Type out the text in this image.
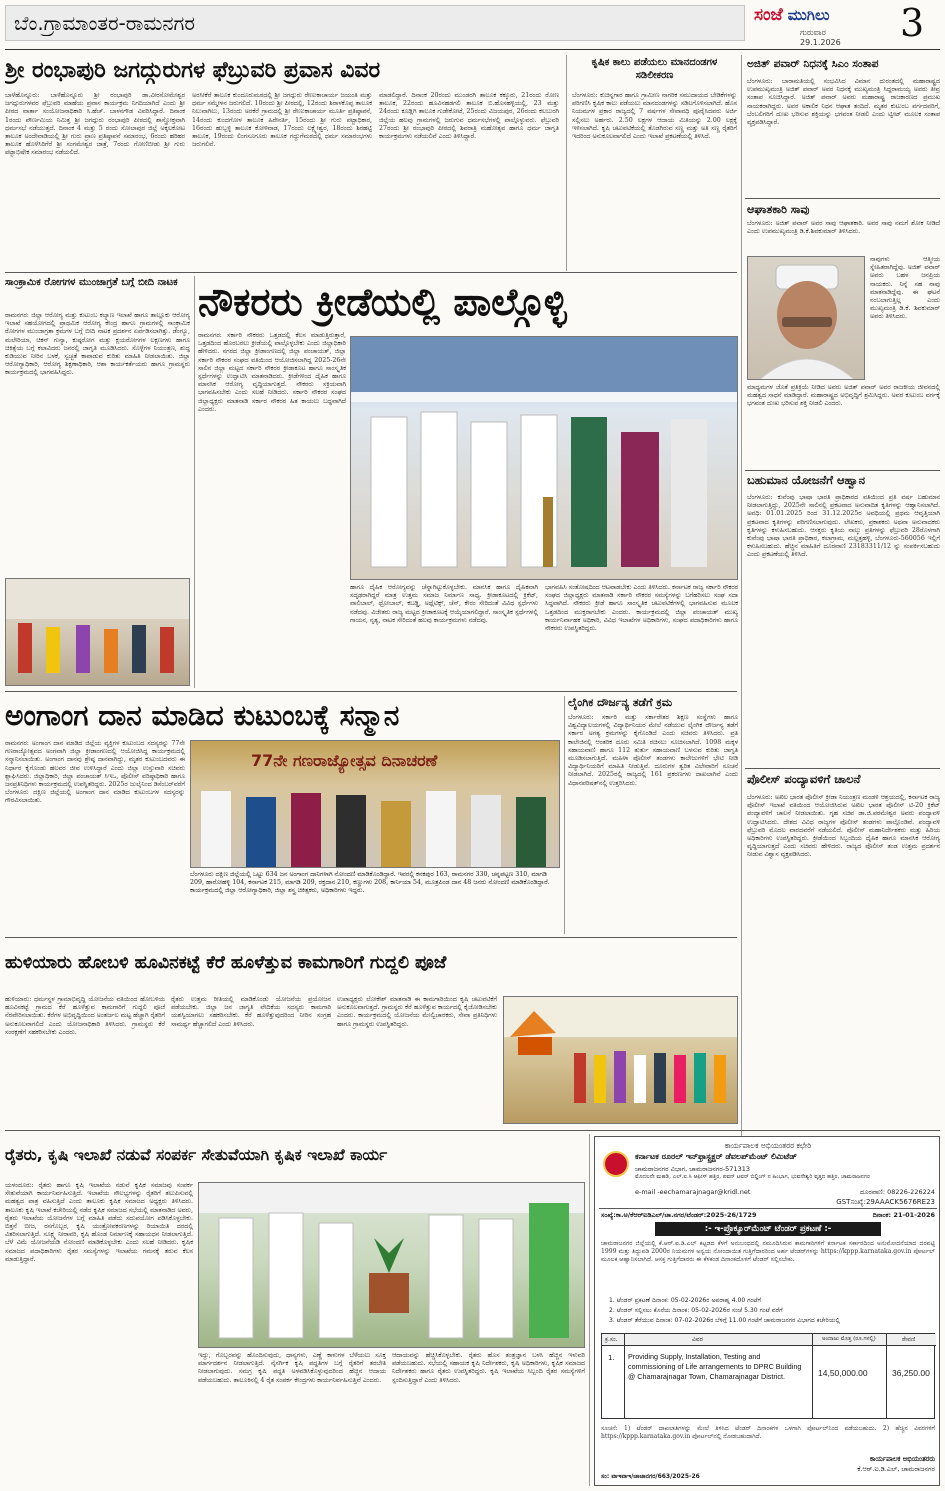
ಬೆಂ.ಗ್ರಾಮಾಂತರ-ರಾಮನಗರ	ಸಂಜೆ ಮುಗಿಲು
ಗುರುವಾರ
29.1.2026 3
ಶ್ರೀ ರಂಭಾಪುರಿ ಜಗದ್ಗುರುಗಳ ಫೆಬ್ರುವರಿ ಪ್ರವಾಸ ವಿವರ
ಬಾಳೆಹೊನ್ನೂರು: ಬಾಳೆಹೊನ್ನೂರು ಶ್ರೀ ರಂಭಾಪುರಿ ಡಾ.ವೀರಸೋಮೇಶ್ವರ ಜಗದ್ಗುರುಗಳವರ ಫೆಬ್ರುವರಿ ಮಾಹೆಯ ಪ್ರವಾಸ ಕಾರ್ಯಕ್ರಮ ನಿಗದಿಯಾಗಿದೆ ಎಂದು ಶ್ರೀ ಪೀಠದ ವಾರ್ತಾ ಸಂಯೋಜನಾಧಿಕಾರಿ ಸಿ.ಹೆಚ್. ಬಾಳನಗೌಡ ವಿವರಿಸಿದ್ದಾರೆ. ದಿನಾಂಕ 1ರಂದು ಪೌರ್ಣಮಿಯ ನಿಮಿತ್ತ ಶ್ರೀ ಜಗದ್ಗುರು ರಂಭಾಪುರಿ ಪೀಠದಲ್ಲಿ ಶಾಸ್ತ್ರೋಕ್ತವಾಗಿ ಧರ್ಮಸಭೆ ನಡೆಯುತ್ತದೆ. ದಿನಾಂಕ 4 ಮತ್ತು 5 ರಂದು ಸೋಲಾಪುರ ಜಿಲ್ಲೆ ಅಕ್ಕಲಕೋಟ ತಾಲೂಕ ಅಂದೇವಾಡಿಯಲ್ಲಿ ಶ್ರೀ ಗುರು ಪ್ರಾಣ ಪ್ರತಿಷ್ಠಾಪನೆ ಸಮಾರಂಭ, 6ರಂದು ಹರಿಹರ ತಾಲೂಕ ಹೊಳೆಸಿರಿಗೆರೆ ಶ್ರೀ ಸಂಗಮೇಶ್ವರ ಜಾತ್ರೆ, 7ರಂದು ಗೋಣಿಬೀಡು ಶ್ರೀ ಗುರು ಪಟ್ಟಾಭಿಷೇಕ ಸಮಾರಂಭ ನಡೆಯಲಿದೆ.
ಅರಸೀಕೆರೆ ತಾಲೂಕ ಕುಂದೂರುಮಠದಲ್ಲಿ ಶ್ರೀ ಜಗದ್ಗುರು ರೇಣುಕಾಚಾರ್ಯ ಜಯಂತಿ ಮತ್ತು ಧರ್ಮ ಸಮ್ಮೇಳನ ಜರುಗಲಿದೆ. 10ರಂದು ಶ್ರೀ ಪೀಠದಲ್ಲಿ, 12ರಂದು ಶಿರಾಳಕೊಪ್ಪ ತಾಲೂಕ ನಿಲುವಾಗಿಲು, 13ರಂದು ಅರಕೆರೆ ಗ್ರಾಮದಲ್ಲಿ ಶ್ರೀ ರೇಣುಕಾಚಾರ್ಯ ಮೂರ್ತಿ ಪ್ರತಿಷ್ಠಾಪನೆ, 14ರಂದು ಕುಂದಗೋಳ ತಾಲೂಕ ಹಿರೇನರ್ತಿ, 15ರಂದು ಶ್ರೀ ಗುರು ಪಟ್ಟಾಧಿಕಾರ, 16ರಂದು ಹುಬ್ಬಳ್ಳಿ ತಾಲೂಕ ಕೋಳಿವಾಡ, 17ರಂದು ಲಕ್ಷ್ಮೇಶ್ವರ, 18ರಂದು ಶಿರಹಟ್ಟಿ ತಾಲೂಕ, 19ರಂದು ಲಿಂಗಸೂಗೂರು ತಾಲೂಕ ಗದ್ದುಗೆಮಠದಲ್ಲಿ ಧರ್ಮ ಸಮಾರಂಭಗಳು ಜರುಗಲಿವೆ.
ಮಾಡಲಿದ್ದಾರೆ. ದಿನಾಂಕ 20ರಂದು ಮುಂಡರಗಿ ತಾಲೂಕ ಕಕ್ಕೂರು, 21ರಂದು ರೋಣ ತಾಲೂಕ, 22ರಂದು ಹೂವಿನಹಡಗಲಿ ತಾಲೂಕ ಬಿ.ಹೊಸಹಳ್ಳಿಯಲ್ಲಿ, 23 ಮತ್ತು 24ರಂದು ಕೂಡ್ಲಿಗಿ ತಾಲೂಕ ಗುಡೇಕೋಟೆ, 25ರಂದು ವಿಜಯಪುರ, 26ರಂದು ಕಲಬುರಗಿ ಜಿಲ್ಲೆಯ ಹಲವು ಗ್ರಾಮಗಳಲ್ಲಿ ಜರುಗುವ ಧರ್ಮಸಭೆಗಳಲ್ಲಿ ಪಾಲ್ಗೊಳ್ಳುವರು. ಫೆಬ್ರುವರಿ 27ರಂದು ಶ್ರೀ ರಂಭಾಪುರಿ ಪೀಠದಲ್ಲಿ ಶಿವರಾತ್ರಿ ಮಹೋತ್ಸವ ಹಾಗೂ ಧರ್ಮ ಜಾಗೃತಿ ಕಾರ್ಯಕ್ರಮಗಳು ನಡೆಯಲಿವೆ ಎಂದು ತಿಳಿಸಿದ್ದಾರೆ.
ಕೃಷಿಕ ಕಾಲು ಪಡೆಯಲು ಮಾನದಂಡಗಳ ಸಡಿಲೀಕರಣ
ಬೆಂಗಳೂರು: ಕುಚಿನ್ನಗಾರ ಹಾಗೂ ಗ್ರಾಮೀಣ ನಾಗರಿಕ ಸಮುದಾಯದ ಬೇಡಿಕೆಗಳನ್ನು ಪರಿಗಣಿಸಿ ಕೃಷಿಕ ಕಾಲು ಪಡೆಯಲು ಮಾನದಂಡಗಳನ್ನು ಸಡಿಲಗೊಳಿಸಲಾಗಿದೆ. ಹೊಸ ನಿಯಮಗಳ ಪ್ರಕಾರ ರಾಜ್ಯದಲ್ಲಿ 7 ವರ್ಷಗಳ ಸೇವಾವಧಿ ಪೂರೈಸಿದವರು ಅರ್ಜಿ ಸಲ್ಲಿಸಲು ಅರ್ಹರು. 2.50 ಲಕ್ಷಗಳ ಆದಾಯ ಮಿತಿಯನ್ನು 2.00 ಲಕ್ಷಕ್ಕೆ ಇಳಿಸಲಾಗಿದೆ. ಕೃಷಿ ಚಟುವಟಿಕೆಯಲ್ಲಿ ತೊಡಗಿರುವ ಸಣ್ಣ ಮತ್ತು ಅತಿ ಸಣ್ಣ ರೈತರಿಗೆ ಇದರಿಂದ ಅನುಕೂಲವಾಗಲಿದೆ ಎಂದು ಇಲಾಖೆ ಪ್ರಕಟಣೆಯಲ್ಲಿ ತಿಳಿಸಿದೆ.
ಅಜಿತ್ ಪವಾರ್ ನಿಧನಕ್ಕೆ ಸಿಎಂ ಸಂತಾಪ
ಬೆಂಗಳೂರು: ಬಾರಾಮತಿಯಲ್ಲಿ ಸಂಭವಿಸಿದ ವಿಮಾನ ದುರಂತದಲ್ಲಿ ಮಹಾರಾಷ್ಟ್ರದ ಉಪಮುಖ್ಯಮಂತ್ರಿ ಅಜಿತ್ ಪವಾರ್ ಅವರ ನಿಧನಕ್ಕೆ ಮುಖ್ಯಮಂತ್ರಿ ಸಿದ್ದರಾಮಯ್ಯ ಅವರು ತೀವ್ರ ಸಂತಾಪ ಸೂಚಿಸಿದ್ದಾರೆ. ಅಜಿತ್ ಪವಾರ್ ಅವರು ಮಹಾರಾಷ್ಟ್ರ ರಾಜಕಾರಣದ ಪ್ರಮುಖ ನಾಯಕರಾಗಿದ್ದರು. ಅವರ ಅಕಾಲಿಕ ನಿಧನ ಆಘಾತ ತಂದಿದೆ. ಮೃತರ ಕುಟುಂಬ ವರ್ಗದವರಿಗೆ, ಬೆಂಬಲಿಗರಿಗೆ ದುಃಖ ಭರಿಸುವ ಶಕ್ತಿಯನ್ನು ಭಗವಂತ ನೀಡಲಿ ಎಂದು ಟ್ವೀಟ್ ಮೂಲಕ ಸಂತಾಪ ವ್ಯಕ್ತಪಡಿಸಿದ್ದಾರೆ.
ಆಘಾತಕಾರಿ ಸಾವು
ಬೆಂಗಳೂರು: ಅಜಿತ್ ಪವಾರ್ ಅವರ ಸಾವು ಆಘಾತಕಾರಿ. ಅವರ ಸಾವು ನಮಗೆ ಶೋಕ ನೀಡಿದೆ ಎಂದು ಉಪಮುಖ್ಯಮಂತ್ರಿ ಡಿ.ಕೆ.ಶಿವಕುಮಾರ್ ತಿಳಿಸಿದರು.
ನಾವುಗಳು ಆತ್ಮೀಯ ಸ್ನೇಹಿತರಾಗಿದ್ದೆವು. ಅಜಿತ್ ಪವಾರ್ ಅವರು ಬಹಳ ಜನಪ್ರಿಯ ನಾಯಕರು. ನಿನ್ನೆ ಸಹ ನಾವು ಮಾತನಾಡಿದ್ದೆವು. ಈ ಘಟನೆ ನಂಬಲಾಗುತ್ತಿಲ್ಲ ಎಂದು ಮುಖ್ಯಮಂತ್ರಿ ಡಿ.ಕೆ. ಶಿವಕುಮಾರ್ ಅವರು ತಿಳಿಸಿದರು.
ಮಾಧ್ಯಮಗಳ ಜೊತೆ ಪ್ರತಿಕ್ರಿಯೆ ನೀಡಿದ ಅವರು ಅಜಿತ್ ಪವಾರ್ ಅವರ ರಾಜಕೀಯ ಜೀವನದಲ್ಲಿ ಮಹತ್ವದ ಸಾಧನೆ ಮಾಡಿದ್ದಾರೆ. ಮಹಾರಾಷ್ಟ್ರದ ಅಭಿವೃದ್ಧಿಗೆ ಶ್ರಮಿಸಿದ್ದರು. ಅವರ ಕುಟುಂಬ ವರ್ಗಕ್ಕೆ ಭಗವಂತ ದುಃಖ ಭರಿಸುವ ಶಕ್ತಿ ನೀಡಲಿ ಎಂದರು.
ಬಹುಮಾನ ಯೋಜನೆಗೆ ಆಹ್ವಾನ
ಬೆಂಗಳೂರು: ಕುವೆಂಪು ಭಾಷಾ ಭಾರತಿ ಪ್ರಾಧಿಕಾರದ ವತಿಯಿಂದ ಪ್ರತಿ ವರ್ಷ ಬಹುಮಾನ ನೀಡಲಾಗುತ್ತಿದ್ದು, 2025ನೇ ಸಾಲಿನಲ್ಲಿ ಪ್ರಕಟವಾದ ಅನುವಾದಿತ ಕೃತಿಗಳನ್ನು ಆಹ್ವಾನಿಸಲಾಗಿದೆ. ಅವಧಿ: 01.01.2025 ರಿಂದ 31.12.2025ರ ಅವಧಿಯಲ್ಲಿ ಪ್ರಥಮ ಆವೃತ್ತಿಯಾಗಿ ಪ್ರಕಟವಾದ ಕೃತಿಗಳನ್ನು ಪರಿಗಣಿಸಲಾಗುವುದು. ಲೇಖಕರು, ಪ್ರಕಾಶಕರು ಅಥವಾ ಅನುವಾದಕರು ಕೃತಿಗಳನ್ನು ಕಳುಹಿಸಬಹುದು. ಆಸಕ್ತರು ಕೃತಿಯ ನಾಲ್ಕು ಪ್ರತಿಗಳನ್ನು ಫೆಬ್ರುವರಿ 28ರೊಳಗಾಗಿ ಕುವೆಂಪು ಭಾಷಾ ಭಾರತಿ ಪ್ರಾಧಿಕಾರ, ಕಲಾಗ್ರಾಮ, ಮಲ್ಲತ್ತಹಳ್ಳಿ, ಬೆಂಗಳೂರು-560056 ಇಲ್ಲಿಗೆ ಕಳುಹಿಸಬಹುದು. ಹೆಚ್ಚಿನ ಮಾಹಿತಿಗೆ ದೂರವಾಣಿ 23183311/12 ನ್ನು ಸಂಪರ್ಕಿಸಬಹುದು ಎಂದು ಪ್ರಕಟಣೆಯಲ್ಲಿ ತಿಳಿಸಿದೆ.
ಪೊಲೀಸ್ ಪಂದ್ಯಾವಳಿಗೆ ಚಾಲನೆ
ಬೆಂಗಳೂರು: ಅಖಿಲ ಭಾರತ ಪೊಲೀಸ್ ಕ್ರೀಡಾ ನಿಯಂತ್ರಣ ಮಂಡಳಿ ಆಶ್ರಯದಲ್ಲಿ, ಕರ್ನಾಟಕ ರಾಜ್ಯ ಪೊಲೀಸ್ ಇಲಾಖೆ ವತಿಯಿಂದ ಆಯೋಜಿಸಿರುವ ಅಖಿಲ ಭಾರತ ಪೊಲೀಸ್ ಟಿ-20 ಕ್ರಿಕೆಟ್ ಪಂದ್ಯಾವಳಿಗೆ ಚಾಲನೆ ನೀಡಲಾಯಿತು. ಗೃಹ ಸಚಿವ ಡಾ.ಜಿ.ಪರಮೇಶ್ವರ ಅವರು ಪಂದ್ಯಾವಳಿ ಉದ್ಘಾಟಿಸಿದರು. ದೇಶದ ವಿವಿಧ ರಾಜ್ಯಗಳ ಪೊಲೀಸ್ ತಂಡಗಳು ಪಾಲ್ಗೊಂಡಿವೆ. ಪಂದ್ಯಾವಳಿ ಫೆಬ್ರುವರಿ ಮೊದಲ ವಾರದವರೆಗೆ ನಡೆಯಲಿದೆ. ಪೊಲೀಸ್ ಮಹಾನಿರ್ದೇಶಕರು ಮತ್ತು ಹಿರಿಯ ಅಧಿಕಾರಿಗಳು ಉಪಸ್ಥಿತರಿದ್ದರು. ಕ್ರೀಡೆಯಿಂದ ಸಿಬ್ಬಂದಿಯ ದೈಹಿಕ ಹಾಗೂ ಮಾನಸಿಕ ಆರೋಗ್ಯ ವೃದ್ಧಿಯಾಗುತ್ತದೆ ಎಂದು ಸಚಿವರು ಹೇಳಿದರು. ರಾಜ್ಯದ ಪೊಲೀಸ್ ತಂಡ ಉತ್ತಮ ಪ್ರದರ್ಶನ ನೀಡುವ ವಿಶ್ವಾಸ ವ್ಯಕ್ತಪಡಿಸಿದರು.
ಸಾಂಕ್ರಾಮಿಕ ರೋಗಗಳ ಮುಂಜಾಗ್ರತೆ ಬಗ್ಗೆ ಬೀದಿ ನಾಟಕ
ರಾಮನಗರ: ಜಿಲ್ಲಾ ಆರೋಗ್ಯ ಮತ್ತು ಕುಟುಂಬ ಕಲ್ಯಾಣ ಇಲಾಖೆ ಹಾಗೂ ತಾಲ್ಲೂಕು ಆರೋಗ್ಯ ಇಲಾಖೆ ಸಹಯೋಗದಲ್ಲಿ ಪ್ರಾಥಮಿಕ ಆರೋಗ್ಯ ಕೇಂದ್ರ ಹಾಗೂ ಗ್ರಾಮಗಳಲ್ಲಿ ಸಾಂಕ್ರಾಮಿಕ ರೋಗಗಳ ಮುಂಜಾಗ್ರತಾ ಕ್ರಮಗಳ ಬಗ್ಗೆ ಬೀದಿ ನಾಟಕ ಪ್ರದರ್ಶನ ಏರ್ಪಡಿಸಲಾಗಿತ್ತು. ಡೆಂಗ್ಯೂ, ಮಲೇರಿಯಾ, ಚಿಕನ್ ಗುನ್ಯಾ, ಕುಷ್ಠರೋಗ ಮತ್ತು ಕ್ಷಯರೋಗಗಳ ಲಕ್ಷಣಗಳು ಹಾಗೂ ಚಿಕಿತ್ಸೆಯ ಬಗ್ಗೆ ಕಲಾವಿದರು ಜನರಲ್ಲಿ ಜಾಗೃತಿ ಮೂಡಿಸಿದರು. ಸೊಳ್ಳೆಗಳ ನಿಯಂತ್ರಣ, ಶುದ್ಧ ಕುಡಿಯುವ ನೀರಿನ ಬಳಕೆ, ಸ್ವಚ್ಛತೆ ಕಾಪಾಡುವ ಕುರಿತು ಮಾಹಿತಿ ನೀಡಲಾಯಿತು. ಜಿಲ್ಲಾ ಆರೋಗ್ಯಾಧಿಕಾರಿ, ಆರೋಗ್ಯ ಶಿಕ್ಷಣಾಧಿಕಾರಿ, ಆಶಾ ಕಾರ್ಯಕರ್ತೆಯರು ಹಾಗೂ ಗ್ರಾಮಸ್ಥರು ಕಾರ್ಯಕ್ರಮದಲ್ಲಿ ಭಾಗವಹಿಸಿದ್ದರು.
ನೌಕರರು ಕ್ರೀಡೆಯಲ್ಲಿ ಪಾಲ್ಗೊಳ್ಳಿ
ರಾಮನಗರ: ಸರ್ಕಾರಿ ನೌಕರರು ಒತ್ತಡದಲ್ಲಿ ಕೆಲಸ ಮಾಡುತ್ತಿರುತ್ತಾರೆ, ಒತ್ತಡದಿಂದ ಹೊರಬರಲು ಕ್ರೀಡೆಯಲ್ಲಿ ಪಾಲ್ಗೊಳ್ಳಬೇಕು ಎಂದು ಜಿಲ್ಲಾಧಿಕಾರಿ ಹೇಳಿದರು. ನಗರದ ಜಿಲ್ಲಾ ಕ್ರೀಡಾಂಗಣದಲ್ಲಿ ಜಿಲ್ಲಾ ಪಂಚಾಯತ್, ಜಿಲ್ಲಾ ಸರ್ಕಾರಿ ನೌಕರರ ಸಂಘದ ವತಿಯಿಂದ ಆಯೋಜಿಸಲಾಗಿದ್ದ 2025-26ನೇ ಸಾಲಿನ ಜಿಲ್ಲಾ ಮಟ್ಟದ ಸರ್ಕಾರಿ ನೌಕರರ ಕ್ರೀಡಾಕೂಟ ಹಾಗೂ ಸಾಂಸ್ಕೃತಿಕ ಸ್ಪರ್ಧೆಗಳನ್ನು ಉದ್ಘಾಟಿಸಿ ಮಾತನಾಡಿದರು. ಕ್ರೀಡೆಗಳಿಂದ ದೈಹಿಕ ಹಾಗೂ ಮಾನಸಿಕ ಆರೋಗ್ಯ ವೃದ್ಧಿಯಾಗುತ್ತದೆ. ನೌಕರರು ಸಕ್ರಿಯವಾಗಿ ಭಾಗವಹಿಸಬೇಕು ಎಂದು ಸಲಹೆ ನೀಡಿದರು. ಸರ್ಕಾರಿ ನೌಕರರ ಸಂಘದ ಜಿಲ್ಲಾಧ್ಯಕ್ಷರು ಮಾತನಾಡಿ ಸರ್ಕಾರ ನೌಕರರ ಹಿತ ಕಾಯಲು ಬದ್ಧವಾಗಿದೆ ಎಂದರು.
ಹಾಗೂ ದೈಹಿಕ ಆರೋಗ್ಯವನ್ನು ಚೆನ್ನಾಗಿಟ್ಟುಕೊಳ್ಳಬೇಕು. ಮಾನಸಿಕ ಹಾಗೂ ದೈಹಿಕವಾಗಿ ಸದೃಢರಾಗಿದ್ದರೆ ಮಾತ್ರ ಉತ್ತಮ ಸಮಾಜ ನಿರ್ಮಾಣ ಸಾಧ್ಯ. ಕ್ರೀಡಾಕೂಟದಲ್ಲಿ ಕ್ರಿಕೆಟ್, ವಾಲಿಬಾಲ್, ಥ್ರೋಬಾಲ್, ಕಬಡ್ಡಿ, ಅಥ್ಲೆಟಿಕ್ಸ್, ಚೆಸ್, ಕೇರಂ ಸೇರಿದಂತೆ ವಿವಿಧ ಸ್ಪರ್ಧೆಗಳು ನಡೆದವು. ವಿಜೇತರು ರಾಜ್ಯ ಮಟ್ಟದ ಕ್ರೀಡಾಕೂಟಕ್ಕೆ ಆಯ್ಕೆಯಾಗಲಿದ್ದಾರೆ. ಸಾಂಸ್ಕೃತಿಕ ಸ್ಪರ್ಧೆಗಳಲ್ಲಿ ಗಾಯನ, ನೃತ್ಯ, ನಾಟಕ ಸೇರಿದಂತೆ ಹಲವು ಕಾರ್ಯಕ್ರಮಗಳು ನಡೆದವು.
ಭಾಗವಹಿಸಿ ಸಂತೋಷದಿಂದ ಆಟವಾಡಬೇಕು ಎಂದು ತಿಳಿಸಿದರು. ಕರ್ನಾಟಕ ರಾಜ್ಯ ಸರ್ಕಾರಿ ನೌಕರರ ಸಂಘದ ಜಿಲ್ಲಾಧ್ಯಕ್ಷರು ಮಾತನಾಡಿ ಸರ್ಕಾರಿ ನೌಕರರ ಸಮಸ್ಯೆಗಳನ್ನು ಬಗೆಹರಿಸಲು ಸಂಘ ಸದಾ ಸಿದ್ಧವಾಗಿದೆ. ನೌಕರರು ಕ್ರೀಡೆ ಹಾಗೂ ಸಾಂಸ್ಕೃತಿಕ ಚಟುವಟಿಕೆಗಳಲ್ಲಿ ಭಾಗವಹಿಸುವ ಮೂಲಕ ಒತ್ತಡದಿಂದ ಮುಕ್ತರಾಗಬೇಕು ಎಂದರು. ಕಾರ್ಯಕ್ರಮದಲ್ಲಿ ಜಿಲ್ಲಾ ಪಂಚಾಯತ್ ಮುಖ್ಯ ಕಾರ್ಯನಿರ್ವಾಹಕ ಅಧಿಕಾರಿ, ವಿವಿಧ ಇಲಾಖೆಗಳ ಅಧಿಕಾರಿಗಳು, ಸಂಘದ ಪದಾಧಿಕಾರಿಗಳು ಹಾಗೂ ನೌಕರರು ಉಪಸ್ಥಿತರಿದ್ದರು.
ಅಂಗಾಂಗ ದಾನ ಮಾಡಿದ ಕುಟುಂಬಕ್ಕೆ ಸನ್ಮಾನ
ರಾಮನಗರ: ಅಂಗಾಂಗ ದಾನ ಮಾಡಿದ ಜಿಲ್ಲೆಯ ವ್ಯಕ್ತಿಗಳ ಕುಟುಂಬದ ಸದಸ್ಯರನ್ನು 77ನೇ ಗಣರಾಜ್ಯೋತ್ಸವದ ಅಂಗವಾಗಿ ಜಿಲ್ಲಾ ಕ್ರೀಡಾಂಗಣದಲ್ಲಿ ಆಯೋಜಿಸಿದ್ದ ಕಾರ್ಯಕ್ರಮದಲ್ಲಿ ಸನ್ಮಾನಿಸಲಾಯಿತು. ಅಂಗಾಂಗ ದಾನವು ಶ್ರೇಷ್ಠ ದಾನವಾಗಿದ್ದು, ಮೃತರ ಕುಟುಂಬದವರು ಈ ನಿರ್ಧಾರ ಕೈಗೊಂಡು ಹಲವರ ಜೀವ ಉಳಿಸಿದ್ದಾರೆ ಎಂದು ಜಿಲ್ಲಾ ಉಸ್ತುವಾರಿ ಸಚಿವರು ಶ್ಲಾಘಿಸಿದರು. ಜಿಲ್ಲಾಧಿಕಾರಿ, ಜಿಲ್ಲಾ ಪಂಚಾಯತ್ ಸಿಇಒ, ಪೊಲೀಸ್ ವರಿಷ್ಠಾಧಿಕಾರಿ ಹಾಗೂ ಜನಪ್ರತಿನಿಧಿಗಳು ಕಾರ್ಯಕ್ರಮದಲ್ಲಿ ಉಪಸ್ಥಿತರಿದ್ದರು. 2025ರ ಜುಲೈನಿಂದ ಡಿಸೆಂಬರ್‌ವರೆಗೆ ಬೆಂಗಳೂರು ದಕ್ಷಿಣ ಜಿಲ್ಲೆಯಲ್ಲಿ ಅಂಗಾಂಗ ದಾನ ಮಾಡಿದ ಕುಟುಂಬಗಳ ಸದಸ್ಯರನ್ನು ಗೌರವಿಸಲಾಯಿತು.
77ನೇ ಗಣರಾಜ್ಯೋತ್ಸವ ದಿನಾಚರಣೆ
ಬೆಂಗಳೂರು ದಕ್ಷಿಣ ಜಿಲ್ಲೆಯಲ್ಲಿ ಒಟ್ಟು 634 ಜನ ಅಂಗಾಂಗ ದಾನಿಗಳಾಗಿ ನೋಂದಣಿ ಮಾಡಿಕೊಂಡಿದ್ದಾರೆ. ಇವರಲ್ಲಿ ಕನಕಪುರ 163, ರಾಮನಗರ 330, ಚನ್ನಪಟ್ಟಣ 310, ಮಾಗಡಿ 209, ಹಾರೋಹಳ್ಳಿ 104, ಕರ್ನಾಟಕ 215, ಮಾಗಡಿ 209, ರಕ್ತದಾನ 210, ಕಣ್ಣುಗಳು 208, ಕಾರ್ನಿಯಾ 54, ಮೂತ್ರಪಿಂಡ ದಾನ 48 ಜನರು ನೋಂದಣಿ ಮಾಡಿಕೊಂಡಿದ್ದಾರೆ. ಕಾರ್ಯಕ್ರಮದಲ್ಲಿ ಜಿಲ್ಲಾ ಆರೋಗ್ಯಾಧಿಕಾರಿ, ಜಿಲ್ಲಾ ಶಸ್ತ್ರ ಚಿಕಿತ್ಸಕರು, ಅಧಿಕಾರಿಗಳು ಇದ್ದರು.
ಲೈಂಗಿಕ ದೌರ್ಜನ್ಯ ತಡೆಗೆ ಕ್ರಮ
ಬೆಂಗಳೂರು: ಸರ್ಕಾರಿ ಮತ್ತು ಸರ್ಕಾರೇತರ ಶಿಕ್ಷಣ ಸಂಸ್ಥೆಗಳು ಹಾಗೂ ವಿಶ್ವವಿದ್ಯಾಲಯಗಳಲ್ಲಿ ವಿದ್ಯಾರ್ಥಿನಿಯರ ಮೇಲೆ ನಡೆಯುವ ಲೈಂಗಿಕ ದೌರ್ಜನ್ಯ ತಡೆಗೆ ಸರ್ಕಾರ ಅಗತ್ಯ ಕ್ರಮಗಳನ್ನು ಕೈಗೊಂಡಿದೆ ಎಂದು ಸಚಿವರು ತಿಳಿಸಿದರು. ಪ್ರತಿ ಕಾಲೇಜಿನಲ್ಲಿ ಆಂತರಿಕ ದೂರು ಸಮಿತಿ ರಚಿಸಲು ಸೂಚಿಸಲಾಗಿದೆ. 1098 ಮಕ್ಕಳ ಸಹಾಯವಾಣಿ ಹಾಗೂ 112 ತುರ್ತು ಸಹಾಯವಾಣಿ ಬಳಸುವ ಕುರಿತು ಜಾಗೃತಿ ಮೂಡಿಸಲಾಗುತ್ತಿದೆ. ಮಹಿಳಾ ಪೊಲೀಸ್ ತಂಡಗಳು ಕಾಲೇಜುಗಳಿಗೆ ಭೇಟಿ ನೀಡಿ ವಿದ್ಯಾರ್ಥಿನಿಯರಿಗೆ ಮಾಹಿತಿ ನೀಡುತ್ತಿವೆ. ದೂರುಗಳ ತ್ವರಿತ ವಿಲೇವಾರಿಗೆ ಸೂಚನೆ ನೀಡಲಾಗಿದೆ. 2025ರಲ್ಲಿ ರಾಜ್ಯದಲ್ಲಿ 161 ಪ್ರಕರಣಗಳು ದಾಖಲಾಗಿವೆ ಎಂದು ವಿಧಾನಪರಿಷತ್‌ನಲ್ಲಿ ಉತ್ತರಿಸಿದರು.
ಹುಳಿಯಾರು ಹೋಬಳಿ ಹೂವಿನಕಟ್ಟೆ ಕೆರೆ ಹೂಳೆತ್ತುವ ಕಾಮಗಾರಿಗೆ ಗುದ್ದಲಿ ಪೂಜೆ
ಹುಳಿಯಾರು: ಧರ್ಮಸ್ಥಳ ಗ್ರಾಮಾಭಿವೃದ್ಧಿ ಯೋಜನೆಯ ವತಿಯಿಂದ ಹೋಬಳಿಯ ಹೂವಿನಕಟ್ಟೆ ಗ್ರಾಮದ ಕೆರೆ ಹೂಳೆತ್ತುವ ಕಾಮಗಾರಿಗೆ ಗುದ್ದಲಿ ಪೂಜೆ ನೆರವೇರಿಸಲಾಯಿತು. ಕೆರೆಗಳ ಅಭಿವೃದ್ಧಿಯಿಂದ ಅಂತರ್ಜಲ ಮಟ್ಟ ಹೆಚ್ಚಾಗಿ ರೈತರಿಗೆ ಅನುಕೂಲವಾಗಲಿದೆ ಎಂದು ಯೋಜನಾಧಿಕಾರಿ ತಿಳಿಸಿದರು. ಗ್ರಾಮಸ್ಥರು ಕೆರೆ ಸಂರಕ್ಷಣೆಗೆ ಸಹಕರಿಸಬೇಕು ಎಂದರು.
ರೈತರು ಉತ್ತಮ ರೀತಿಯಲ್ಲಿ ಮಾಡಿಕೊಂಡು ಯೋಜನೆಯ ಪ್ರಯೋಜನ ಪಡೆಯಬೇಕು. ಜಿಲ್ಲಾ ಜನ ಜಾಗೃತಿ ವೇದಿಕೆಯ ಸದಸ್ಯರು ಕಾಮಗಾರಿ ಯಶಸ್ವಿಯಾಗಲು ಸಹಕರಿಸಬೇಕು. ಕೆರೆ ಹೂಳೆತ್ತುವುದರಿಂದ ನೀರಿನ ಸಂಗ್ರಹ ಸಾಮರ್ಥ್ಯ ಹೆಚ್ಚಾಗಲಿದೆ ಎಂದು ತಿಳಿಸಿದರು.
ಉಪಾಧ್ಯಕ್ಷರು ಲೋಕೇಶ್ ಮಾತನಾಡಿ ಈ ಕಾಮಗಾರಿಯಿಂದ ಕೃಷಿ ಚಟುವಟಿಕೆಗೆ ಅನುಕೂಲವಾಗುತ್ತದೆ. ಗ್ರಾಮಸ್ಥರು ಕೆರೆ ಹೂಳೆತ್ತುವ ಕಾರ್ಯದಲ್ಲಿ ಕೈಜೋಡಿಸಬೇಕು ಎಂದರು. ಕಾರ್ಯಕ್ರಮದಲ್ಲಿ ಯೋಜನೆಯ ಮೇಲ್ವಿಚಾರಕರು, ಸೇವಾ ಪ್ರತಿನಿಧಿಗಳು ಹಾಗೂ ಗ್ರಾಮಸ್ಥರು ಉಪಸ್ಥಿತರಿದ್ದರು.
ರೈತರು, ಕೃಷಿ ಇಲಾಖೆ ನಡುವೆ ಸಂಪರ್ಕ ಸೇತುವೆಯಾಗಿ ಕೃಷಿಕ ಇಲಾಖೆ ಕಾರ್ಯ
ಯಳಂದೂರು: ರೈತರು ಹಾಗೂ ಕೃಷಿ ಇಲಾಖೆಯ ನಡುವೆ ಕೃಷಿಕ ಸಮಾಜವು ಸಂಪರ್ಕ ಸೇತುವೆಯಾಗಿ ಕಾರ್ಯನಿರ್ವಹಿಸುತ್ತಿದೆ. ಇಲಾಖೆಯ ಸೌಲಭ್ಯಗಳನ್ನು ರೈತರಿಗೆ ತಲುಪಿಸುವಲ್ಲಿ ಮಹತ್ವದ ಪಾತ್ರ ವಹಿಸುತ್ತಿದೆ ಎಂದು ತಾಲೂಕು ಕೃಷಿಕ ಸಮಾಜದ ಅಧ್ಯಕ್ಷರು ತಿಳಿಸಿದರು. ತಾಲೂಕು ಕೃಷಿ ಇಲಾಖೆ ಕಚೇರಿಯಲ್ಲಿ ನಡೆದ ಕೃಷಿಕ ಸಮಾಜದ ಸಭೆಯಲ್ಲಿ ಮಾತನಾಡಿದ ಅವರು, ರೈತರು ಇಲಾಖೆಯ ಯೋಜನೆಗಳ ಬಗ್ಗೆ ಮಾಹಿತಿ ಪಡೆದು ಸದುಪಯೋಗ ಪಡಿಸಿಕೊಳ್ಳಬೇಕು. ಬಿತ್ತನೆ ಬೀಜ, ರಸಗೊಬ್ಬರ, ಕೃಷಿ ಯಂತ್ರೋಪಕರಣಗಳನ್ನು ರಿಯಾಯಿತಿ ದರದಲ್ಲಿ ವಿತರಿಸಲಾಗುತ್ತಿದೆ. ಸೂಕ್ಷ್ಮ ನೀರಾವರಿ, ಕೃಷಿ ಹೊಂಡ ನಿರ್ಮಾಣಕ್ಕೆ ಸಹಾಯಧನ ನೀಡಲಾಗುತ್ತಿದೆ. ಬೆಳೆ ವಿಮೆ ಯೋಜನೆಯಡಿ ನೋಂದಣಿ ಮಾಡಿಕೊಳ್ಳಬೇಕು ಎಂದು ಸಲಹೆ ನೀಡಿದರು. ಕೃಷಿಕ ಸಮಾಜದ ಪದಾಧಿಕಾರಿಗಳು ರೈತರ ಸಮಸ್ಯೆಗಳನ್ನು ಇಲಾಖೆಯ ಗಮನಕ್ಕೆ ತರುವ ಕೆಲಸ ಮಾಡುತ್ತಿದ್ದಾರೆ.
ಇದ್ದು, ಗೊಬ್ಬರವನ್ನು ಹೊಂದಿಸುವುದು, ಧಾನ್ಯಗಳು, ಎಣ್ಣೆ ಕಾಳುಗಳ ಬೆಳೆಯಲು ಸೂಕ್ತ ಮಾರ್ಗದರ್ಶನ ನೀಡಲಾಗುತ್ತಿದೆ. ನೈಸರ್ಗಿಕ ಕೃಷಿ ಪದ್ಧತಿಗಳ ಬಗ್ಗೆ ರೈತರಿಗೆ ತರಬೇತಿ ನೀಡಲಾಗುವುದು. ಸಮಗ್ರ ಕೃಷಿ ಪದ್ಧತಿ ಅಳವಡಿಸಿಕೊಳ್ಳುವುದರಿಂದ ಹೆಚ್ಚಿನ ಆದಾಯ ಪಡೆಯಬಹುದು. ತಾಲೂಕಿನಲ್ಲಿ 4 ರೈತ ಸಂಪರ್ಕ ಕೇಂದ್ರಗಳು ಕಾರ್ಯನಿರ್ವಹಿಸುತ್ತಿವೆ ಎಂದರು.
ಆದಾಯವನ್ನು ಹೆಚ್ಚಿಸಿಕೊಳ್ಳಬೇಕು. ರೈತರು ಹೊಸ ತಂತ್ರಜ್ಞಾನ ಬಳಸಿ ಹೆಚ್ಚಿನ ಇಳುವರಿ ಪಡೆಯಬಹುದು. ಸಭೆಯಲ್ಲಿ ಸಹಾಯಕ ಕೃಷಿ ನಿರ್ದೇಶಕರು, ಕೃಷಿ ಅಧಿಕಾರಿಗಳು, ಕೃಷಿಕ ಸಮಾಜದ ನಿರ್ದೇಶಕರು ಹಾಗೂ ರೈತರು ಉಪಸ್ಥಿತರಿದ್ದರು. ಕೃಷಿ ಇಲಾಖೆಯ ಸಿಬ್ಬಂದಿ ರೈತರ ಸಮಸ್ಯೆಗಳಿಗೆ ಸ್ಪಂದಿಸುತ್ತಿದ್ದಾರೆ ಎಂದು ತಿಳಿಸಿದರು.
ಕಾರ್ಯಪಾಲಕ ಅಭಿಯಂತರರ ಕಛೇರಿ
ಕರ್ನಾಟಕ ರೂರಲ್ ಇನ್‌ಫ್ರಾಸ್ಟ್ರಕ್ಚರ್ ಡೆವಲಪ್‌ಮೆಂಟ್ ಲಿಮಿಟೆಡ್
ಚಾಮರಾಜನಗರ ವಿಭಾಗ, ಚಾಮರಾಜನಗರ-571313
ಮೊದಲನೇ ಮಹಡಿ, ಎಲ್.ಐ.ಸಿ ಆಫೀಸ್ ಹತ್ತಿರ, ಪವನ್ ಟವರ್ ಬಿಲ್ಡಿಂಗ್ ನ ಹಿಂಭಾಗ, ಭುವನೇಶ್ವರಿ ವೃತ್ತದ ಹತ್ತಿರ, ಚಾಮರಾಜನಗರ
e-mail -eechamarajnagar@kridl.net	ದೂರವಾಣಿ: 08226-226224
GSTಸಂಖ್ಯೆ:29AAACK5676RE23
ಸಂಖ್ಯೆ:ಕಾ.ಅ/ಕೆಆರ್‌ಐಡಿಎಲ್/ಚಾ.ನಗರ/ಟೆಂಡರ್:2025-26/1729	ದಿನಾಂಕ: 21-01-2026
:- ಇ-ಪ್ರೊಕ್ಯೂರ್‌ಮೆಂಟ್ ಟೆಂಡರ್ ಪ್ರಕಟಣೆ :-
ಚಾಮರಾಜನಗರ ಜಿಲ್ಲೆಯಲ್ಲಿ ಕೆ.ಆರ್.ಐ.ಡಿ.ಎಲ್ ಕಟ್ಟಡದ ಕೆಳಗೆ ಅನುಬಂಧದಲ್ಲಿ ನಮೂದಿಸಿರುವ ಕಾಮಗಾರಿಗಳಿಗೆ ಕರ್ನಾಟಕ ಸರ್ಕಾರದಿಂದ ಅನುಮೋದನೆಯಾದ ದರಪಟ್ಟಿ 1999 ಮತ್ತು ತಿದ್ದುಪಡಿ 2000ರ ನಿಯಮಗಳ ಅನ್ವಯ ನೋಂದಾಯಿತ ಗುತ್ತಿಗೆದಾರರಿಂದ ಅರ್ಹ ಟೆಂಡರ್‌ಗಳನ್ನು https://kppp.karnataka.gov.in ಪೋರ್ಟಲ್ ಮೂಲಕ ಆಹ್ವಾನಿಸಲಾಗಿದೆ. ಆಸಕ್ತ ಗುತ್ತಿಗೆದಾರರು ಈ ಕೆಳಕಂಡ ದಿನಾಂಕದೊಳಗೆ ಟೆಂಡರ್ ಸಲ್ಲಿಸಬೇಕು.
1. ಟೆಂಡರ್ ಪ್ರಕಟಣೆ ದಿನಾಂಕ: 05-02-2026ರ ಅಪರಾಹ್ನ 4.00 ಗಂಟೆಗೆ
2. ಟೆಂಡರ್ ಸಲ್ಲಿಸಲು ಕೊನೆಯ ದಿನಾಂಕ: 05-02-2026ರ ಸಂಜೆ 5.30 ಗಂಟೆ ವರೆಗೆ
3. ಟೆಂಡರ್ ತೆರೆಯುವ ದಿನಾಂಕ: 07-02-2026ರ ಬೆಳಿಗ್ಗೆ 11.00 ಗಂಟೆಗೆ ಚಾಮರಾಜನಗರ ವಿಭಾಗದ ಕಚೇರಿಯಲ್ಲಿ
ಕ್ರ.ಸಂ.	ವಿವರ	ಅಂದಾಜು ಮೊತ್ತ (ರೂ.ಗಳಲ್ಲಿ)	ಠೇವಣಿ
1. Providing Supply, Installation, Testing and commissioning of Life arrangements to DPRC Building @ Chamarajnagar Town, Chamarajnagar District.	14,50,000.00	36,250.00
ಸೂಚನೆ: 1) ಟೆಂಡರ್ ದಾಖಲಾತಿಗಳನ್ನು ಮೇಲೆ ತಿಳಿಸಿದ ಟೆಂಡರ್ ದಿನಾಂಕಗಳ ಒಳಗಾಗಿ ಪೋರ್ಟಲ್‌ನಿಂದ ಪಡೆಯಬಹುದು. 2) ಹೆಚ್ಚಿನ ವಿವರಗಳಿಗೆ https://kppp.karnataka.gov.in ಪೋರ್ಟಲ್‌ನಲ್ಲಿ ನೋಡಬಹುದಾಗಿದೆ.
ಕಾರ್ಯಪಾಲಕ ಅಭಿಯಂತರರು
ಕೆ.ಆರ್.ಐ.ಡಿ.ಎಲ್, ಚಾಮರಾಜನಗರ
ಸಂ: ವಾಇವಾಇ/ಚಾಜಾನಗರ/663/2025-26
